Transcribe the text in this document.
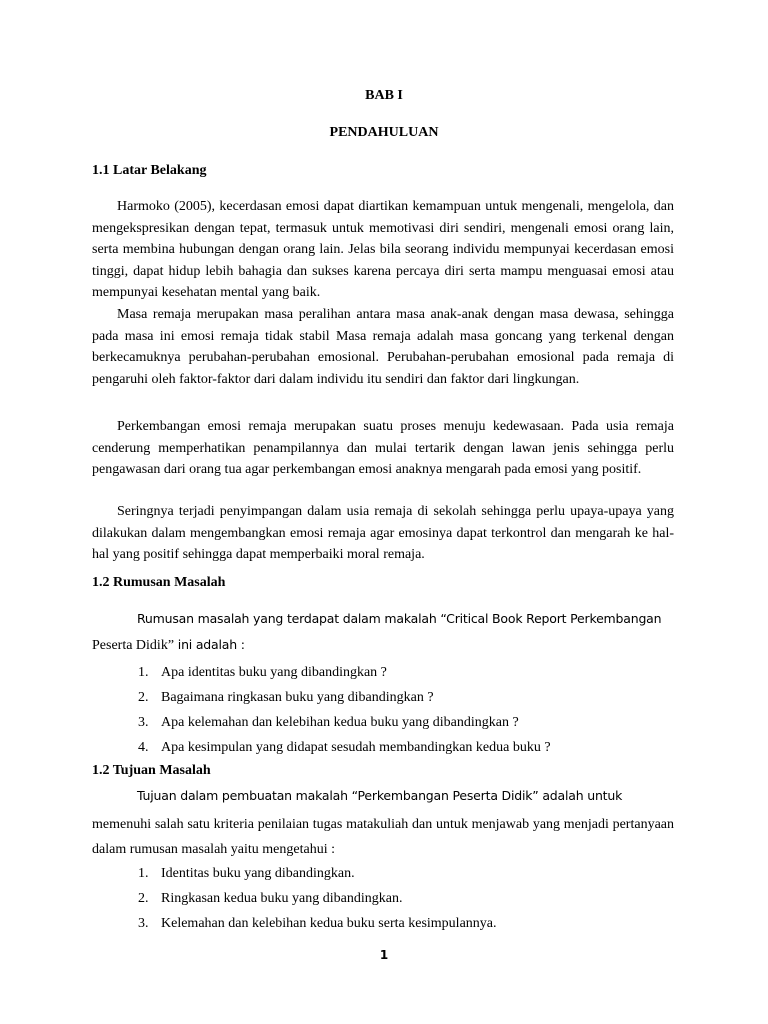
BAB I
PENDAHULUAN
1.1 Latar Belakang

Harmoko (2005), kecerdasan emosi dapat diartikan kemampuan untuk mengenali, mengelola, dan mengekspresikan dengan tepat, termasuk untuk memotivasi diri sendiri, mengenali emosi orang lain, serta membina hubungan dengan orang lain. Jelas bila seorang individu mempunyai kecerdasan emosi tinggi, dapat hidup lebih bahagia dan sukses karena percaya diri serta mampu menguasai emosi atau mempunyai kesehatan mental yang baik.

Masa remaja merupakan masa peralihan antara masa anak-anak dengan masa dewasa, sehingga pada masa ini emosi remaja tidak stabil Masa remaja adalah masa goncang yang terkenal dengan berkecamuknya perubahan-perubahan emosional. Perubahan-perubahan emosional pada remaja di pengaruhi oleh faktor-faktor dari dalam individu itu sendiri dan faktor dari lingkungan.

Perkembangan emosi remaja merupakan suatu proses menuju kedewasaan. Pada usia remaja cenderung memperhatikan penampilannya dan mulai tertarik dengan lawan jenis sehingga perlu pengawasan dari orang tua agar perkembangan emosi anaknya mengarah pada emosi yang positif.

Seringnya terjadi penyimpangan dalam usia remaja di sekolah sehingga perlu upaya-upaya yang dilakukan dalam mengembangkan emosi remaja agar emosinya dapat terkontrol dan mengarah ke hal-hal yang positif sehingga dapat memperbaiki moral remaja.

1.2 Rumusan Masalah
Rumusan masalah yang terdapat dalam makalah “Critical Book Report Perkembangan
Peserta Didik” ini adalah :
1. Apa identitas buku yang dibandingkan ?
2. Bagaimana ringkasan buku yang dibandingkan ?
3. Apa kelemahan dan kelebihan kedua buku yang dibandingkan ?
4. Apa kesimpulan yang didapat sesudah membandingkan kedua buku ?
1.2 Tujuan Masalah
Tujuan dalam pembuatan makalah “Perkembangan Peserta Didik” adalah untuk

memenuhi salah satu kriteria penilaian tugas matakuliah dan untuk menjawab yang menjadi pertanyaan dalam rumusan masalah yaitu mengetahui :

1. Identitas buku yang dibandingkan.
2. Ringkasan kedua buku yang dibandingkan.
3. Kelemahan dan kelebihan kedua buku serta kesimpulannya.
1
